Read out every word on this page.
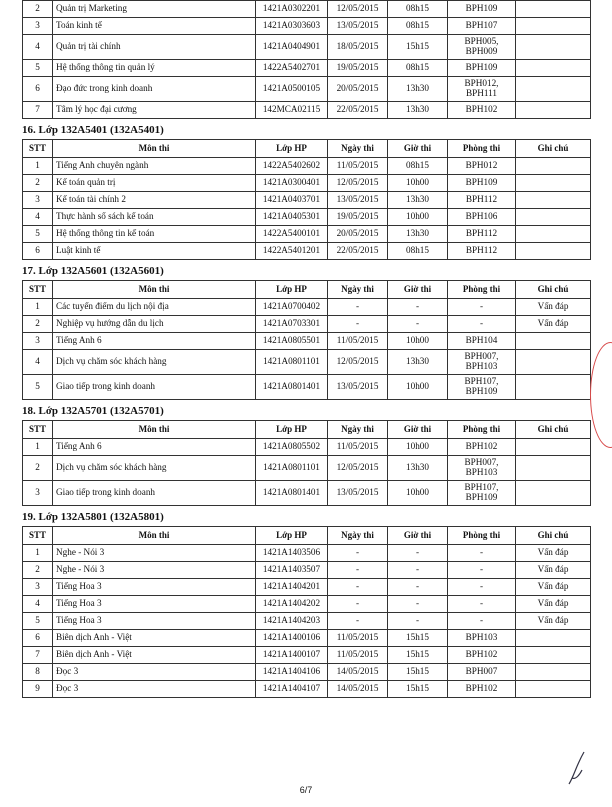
2	Quản trị Marketing	1421A0302201	12/05/2015	08h15	BPH109	
3	Toán kinh tế	1421A0303603	13/05/2015	08h15	BPH107	
4	Quản trị tài chính	1421A0404901	18/05/2015	15h15	BPH005, BPH009	
5	Hệ thống thông tin quản lý	1422A5402701	19/05/2015	08h15	BPH109	
6	Đạo đức trong kinh doanh	1421A0500105	20/05/2015	13h30	BPH012, BPH111	
7	Tâm lý học đại cương	142MCA02115	22/05/2015	13h30	BPH102	
16. Lớp 132A5401 (132A5401)
STT	Môn thi	Lớp HP	Ngày thi	Giờ thi	Phòng thi	Ghi chú
1	Tiếng Anh chuyên ngành	1422A5402602	11/05/2015	08h15	BPH012	
2	Kế toán quản trị	1421A0300401	12/05/2015	10h00	BPH109	
3	Kế toán tài chính 2	1421A0403701	13/05/2015	13h30	BPH112	
4	Thực hành sổ sách kế toán	1421A0405301	19/05/2015	10h00	BPH106	
5	Hệ thống thông tin kế toán	1422A5400101	20/05/2015	13h30	BPH112	
6	Luật kinh tế	1422A5401201	22/05/2015	08h15	BPH112	
17. Lớp 132A5601 (132A5601)
STT	Môn thi	Lớp HP	Ngày thi	Giờ thi	Phòng thi	Ghi chú
1	Các tuyến điểm du lịch nội địa	1421A0700402	-	-	-	Vấn đáp
2	Nghiệp vụ hướng dẫn du lịch	1421A0703301	-	-	-	Vấn đáp
3	Tiếng Anh 6	1421A0805501	11/05/2015	10h00	BPH104	
4	Dịch vụ chăm sóc khách hàng	1421A0801101	12/05/2015	13h30	BPH007, BPH103	
5	Giao tiếp trong kinh doanh	1421A0801401	13/05/2015	10h00	BPH107, BPH109	
18. Lớp 132A5701 (132A5701)
STT	Môn thi	Lớp HP	Ngày thi	Giờ thi	Phòng thi	Ghi chú
1	Tiếng Anh 6	1421A0805502	11/05/2015	10h00	BPH102	
2	Dịch vụ chăm sóc khách hàng	1421A0801101	12/05/2015	13h30	BPH007, BPH103	
3	Giao tiếp trong kinh doanh	1421A0801401	13/05/2015	10h00	BPH107, BPH109	
19. Lớp 132A5801 (132A5801)
STT	Môn thi	Lớp HP	Ngày thi	Giờ thi	Phòng thi	Ghi chú
1	Nghe - Nói 3	1421A1403506	-	-	-	Vấn đáp
2	Nghe - Nói 3	1421A1403507	-	-	-	Vấn đáp
3	Tiếng Hoa 3	1421A1404201	-	-	-	Vấn đáp
4	Tiếng Hoa 3	1421A1404202	-	-	-	Vấn đáp
5	Tiếng Hoa 3	1421A1404203	-	-	-	Vấn đáp
6	Biên dịch Anh - Việt	1421A1400106	11/05/2015	15h15	BPH103	
7	Biên dịch Anh - Việt	1421A1400107	11/05/2015	15h15	BPH102	
8	Đọc 3	1421A1404106	14/05/2015	15h15	BPH007	
9	Đọc 3	1421A1404107	14/05/2015	15h15	BPH102	
6/7
